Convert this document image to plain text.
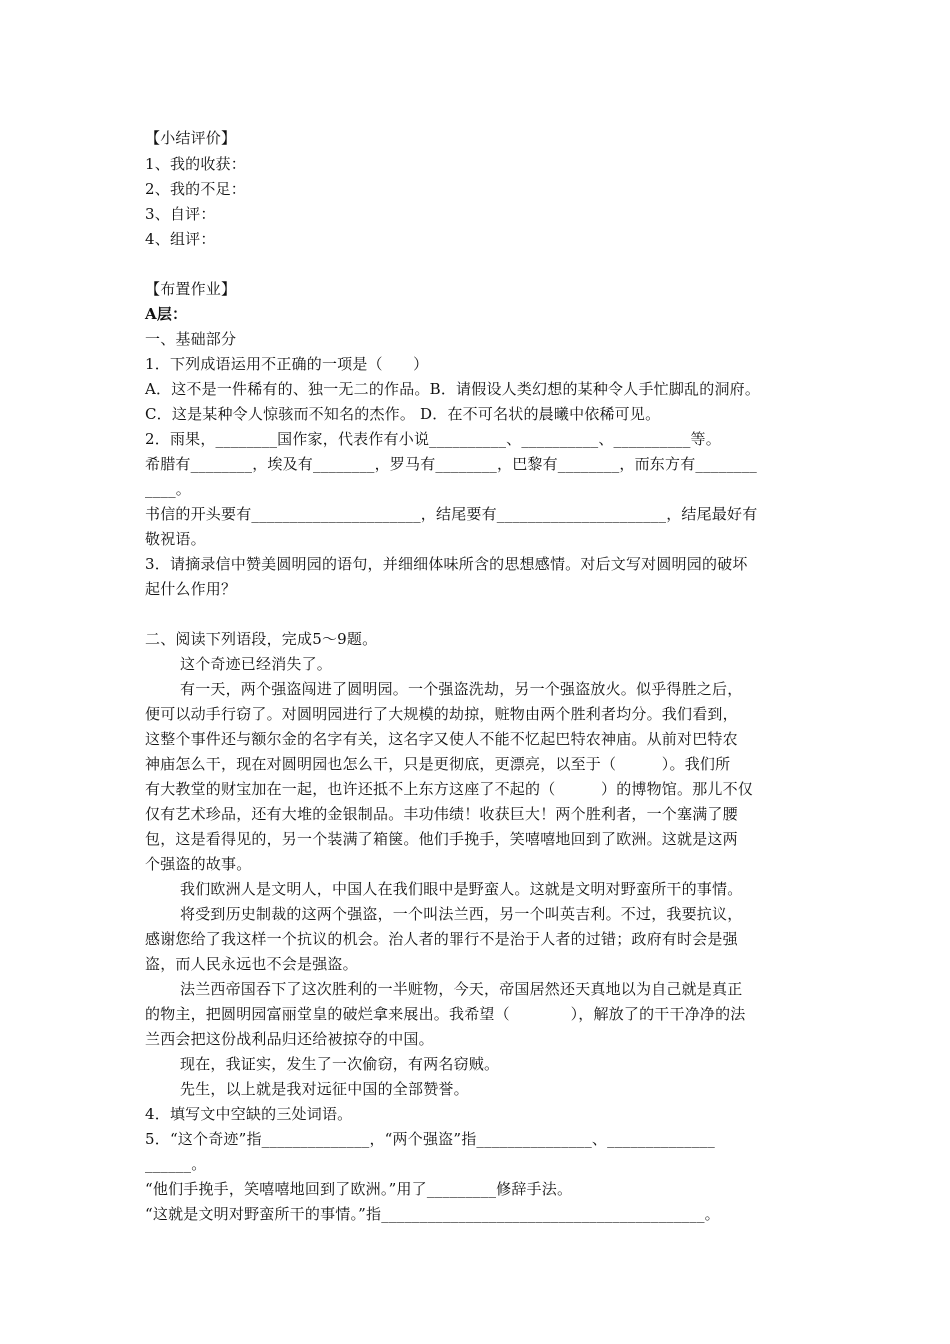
【小结评价】
1、我的收获：
2、我的不足：
3、自评：
4、组评：
【布置作业】
A层：
一、基础部分
1．下列成语运用不正确的一项是（　　）
A．这不是一件稀有的、独一无二的作品。B．请假设人类幻想的某种令人手忙脚乱的洞府。
C．这是某种令人惊骇而不知名的杰作。 D．在不可名状的晨曦中依稀可见。
2．雨果，________国作家，代表作有小说__________、__________、__________等。
希腊有________，埃及有________，罗马有________，巴黎有________，而东方有________
____。
书信的开头要有______________________，结尾要有______________________，结尾最好有
敬祝语。
3．请摘录信中赞美圆明园的语句，并细细体味所含的思想感情。对后文写对圆明园的破坏
起什么作用？
二、阅读下列语段，完成5～9题。
这个奇迹已经消失了。
有一天，两个强盗闯进了圆明园。一个强盗洗劫，另一个强盗放火。似乎得胜之后，
便可以动手行窃了。对圆明园进行了大规模的劫掠，赃物由两个胜利者均分。我们看到，
这整个事件还与额尔金的名字有关，这名字又使人不能不忆起巴特农神庙。从前对巴特农
神庙怎么干，现在对圆明园也怎么干，只是更彻底，更漂亮，以至于（　　　）。我们所
有大教堂的财宝加在一起，也许还抵不上东方这座了不起的（　　　）的博物馆。那儿不仅
仅有艺术珍品，还有大堆的金银制品。丰功伟绩！收获巨大！两个胜利者，一个塞满了腰
包，这是看得见的，另一个装满了箱箧。他们手挽手，笑嘻嘻地回到了欧洲。这就是这两
个强盗的故事。
我们欧洲人是文明人，中国人在我们眼中是野蛮人。这就是文明对野蛮所干的事情。
将受到历史制裁的这两个强盗，一个叫法兰西，另一个叫英吉利。不过，我要抗议，
感谢您给了我这样一个抗议的机会。治人者的罪行不是治于人者的过错；政府有时会是强
盗，而人民永远也不会是强盗。
法兰西帝国吞下了这次胜利的一半赃物，今天，帝国居然还天真地以为自己就是真正
的物主，把圆明园富丽堂皇的破烂拿来展出。我希望（　　　　），解放了的干干净净的法
兰西会把这份战利品归还给被掠夺的中国。
现在，我证实，发生了一次偷窃，有两名窃贼。
先生，以上就是我对远征中国的全部赞誉。
4．填写文中空缺的三处词语。
5．“这个奇迹”指______________，“两个强盗”指_______________、______________
______。
“他们手挽手，笑嘻嘻地回到了欧洲。”用了_________修辞手法。
“这就是文明对野蛮所干的事情。”指__________________________________________。
